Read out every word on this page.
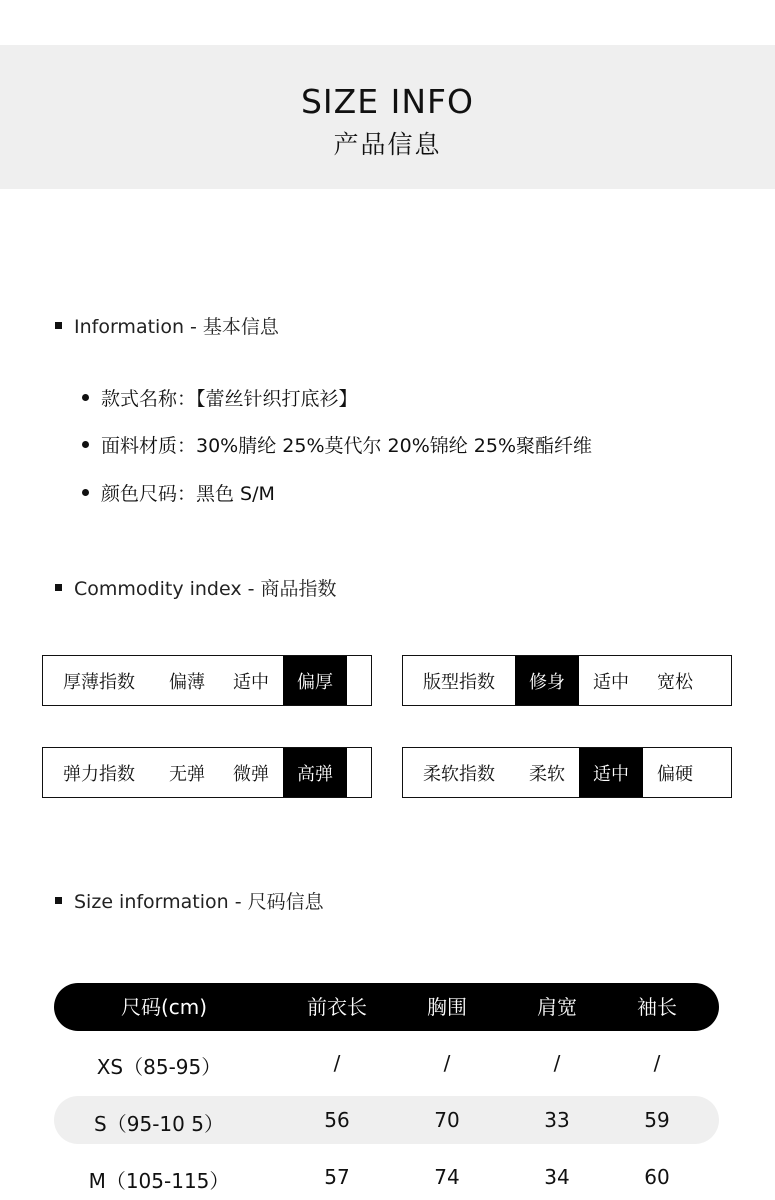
SIZE INFO
产品信息
Information - 基本信息
款式名称：【蕾丝针织打底衫】
面料材质：30%腈纶 25%莫代尔 20%锦纶 25%聚酯纤维
颜色尺码：黑色 S/M
Commodity index - 商品指数
厚薄指数	偏薄	适中	偏厚	版型指数	修身	适中	宽松
弹力指数	无弹	微弹	高弹	柔软指数	柔软	适中	偏硬
Size information - 尺码信息
尺码(cm)	前衣长	胸围	肩宽	袖长
XS（85-95）	/	/	/	/
S（95-10 5）	56	70	33	59
M（105-115）	57	74	34	60
